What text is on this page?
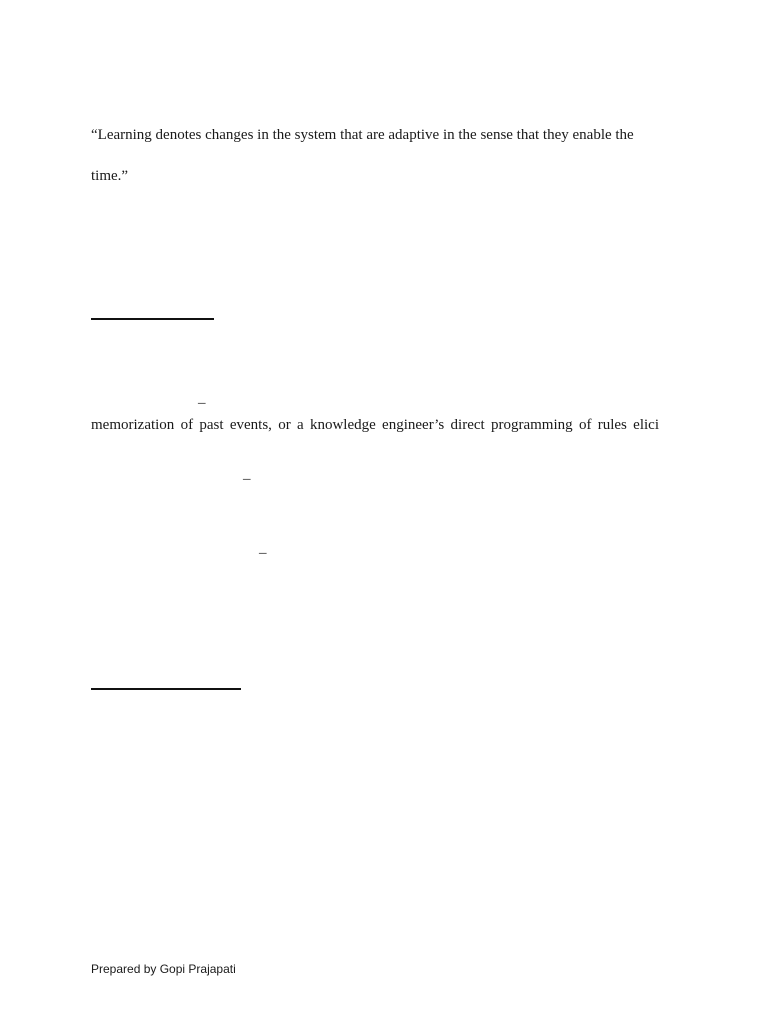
“Learning denotes changes in the system that are adaptive in the sense that they enable the
time.”
–
memorization of past events, or a knowledge engineer’s direct programming of rules elici
–
–
Prepared by Gopi Prajapati
